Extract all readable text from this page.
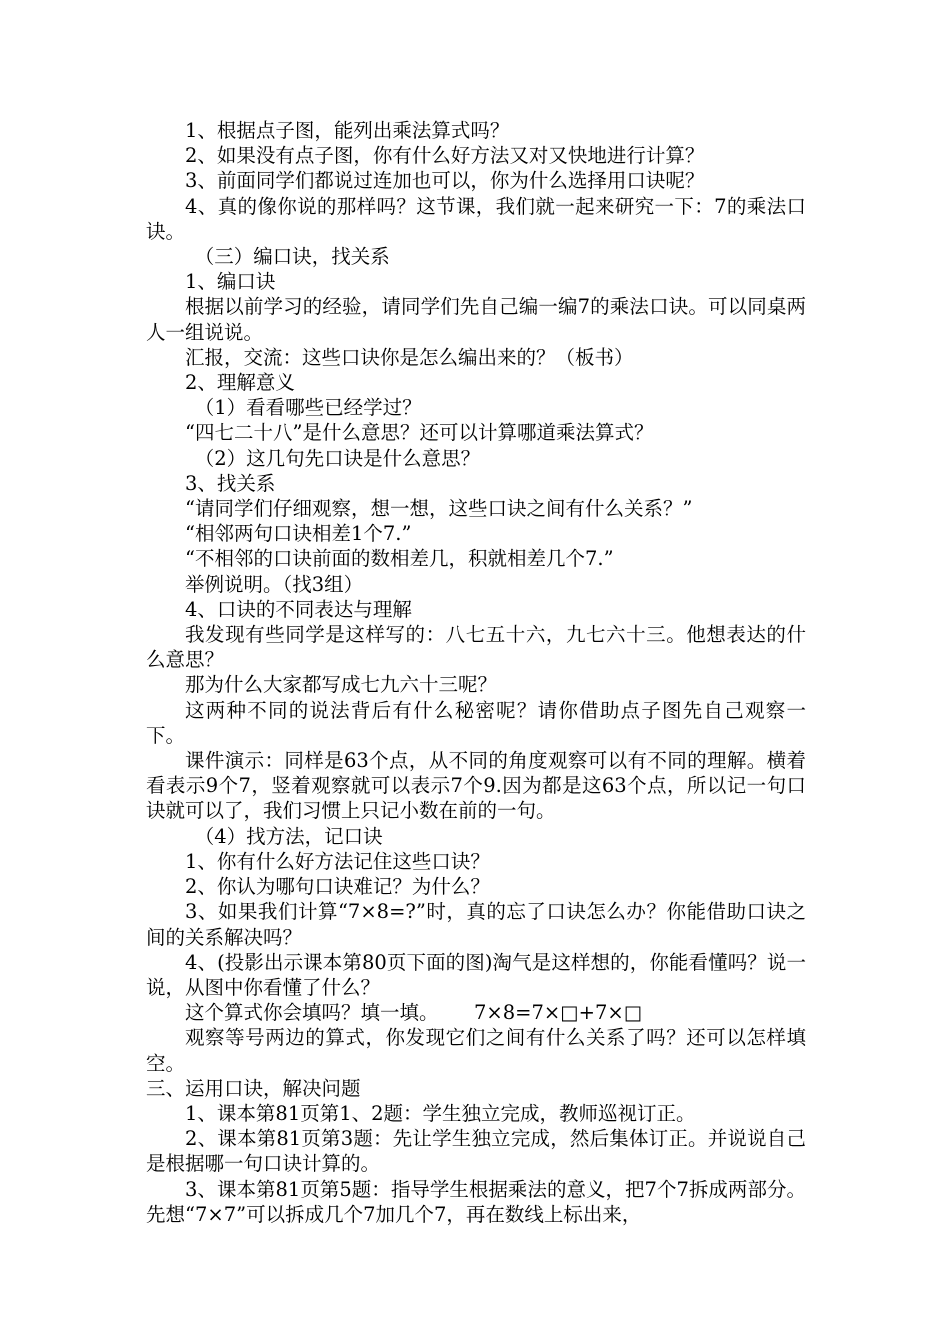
1、根据点子图，能列出乘法算式吗？

2、如果没有点子图，你有什么好方法又对又快地进行计算？

3、前面同学们都说过连加也可以，你为什么选择用口诀呢？

4、真的像你说的那样吗？这节课，我们就一起来研究一下：7的乘法口诀。

（三）编口诀，找关系

1、编口诀

根据以前学习的经验，请同学们先自己编一编7的乘法口诀。可以同桌两人一组说说。

汇报，交流：这些口诀你是怎么编出来的？（板书）

2、理解意义

（1）看看哪些已经学过？

“四七二十八”是什么意思？还可以计算哪道乘法算式？

（2）这几句先口诀是什么意思？

3、找关系

“请同学们仔细观察，想一想，这些口诀之间有什么关系？”

“相邻两句口诀相差1个7.”

“不相邻的口诀前面的数相差几，积就相差几个7.”

举例说明。（找3组）

4、口诀的不同表达与理解

我发现有些同学是这样写的：八七五十六，九七六十三。他想表达的什么意思？

那为什么大家都写成七九六十三呢？

这两种不同的说法背后有什么秘密呢？请你借助点子图先自己观察一下。

课件演示：同样是63个点，从不同的角度观察可以有不同的理解。横着看表示9个7，竖着观察就可以表示7个9.因为都是这63个点，所以记一句口诀就可以了，我们习惯上只记小数在前的一句。

（4）找方法，记口诀

1、你有什么好方法记住这些口诀？

2、你认为哪句口诀难记？为什么？

3、如果我们计算“7×8=?”时，真的忘了口诀怎么办？你能借助口诀之间的关系解决吗？

4、(投影出示课本第80页下面的图)淘气是这样想的，你能看懂吗？说一说，从图中你看懂了什么？

这个算式你会填吗？填一填。　　 7×8=7×□+7×□

观察等号两边的算式，你发现它们之间有什么关系了吗？还可以怎样填空。

三、运用口诀，解决问题

1、课本第81页第1、2题：学生独立完成，教师巡视订正。

2、课本第81页第3题：先让学生独立完成，然后集体订正。并说说自己是根据哪一句口诀计算的。

3、课本第81页第5题：指导学生根据乘法的意义，把7个7拆成两部分。先想“7×7”可以拆成几个7加几个7，再在数线上标出来，
